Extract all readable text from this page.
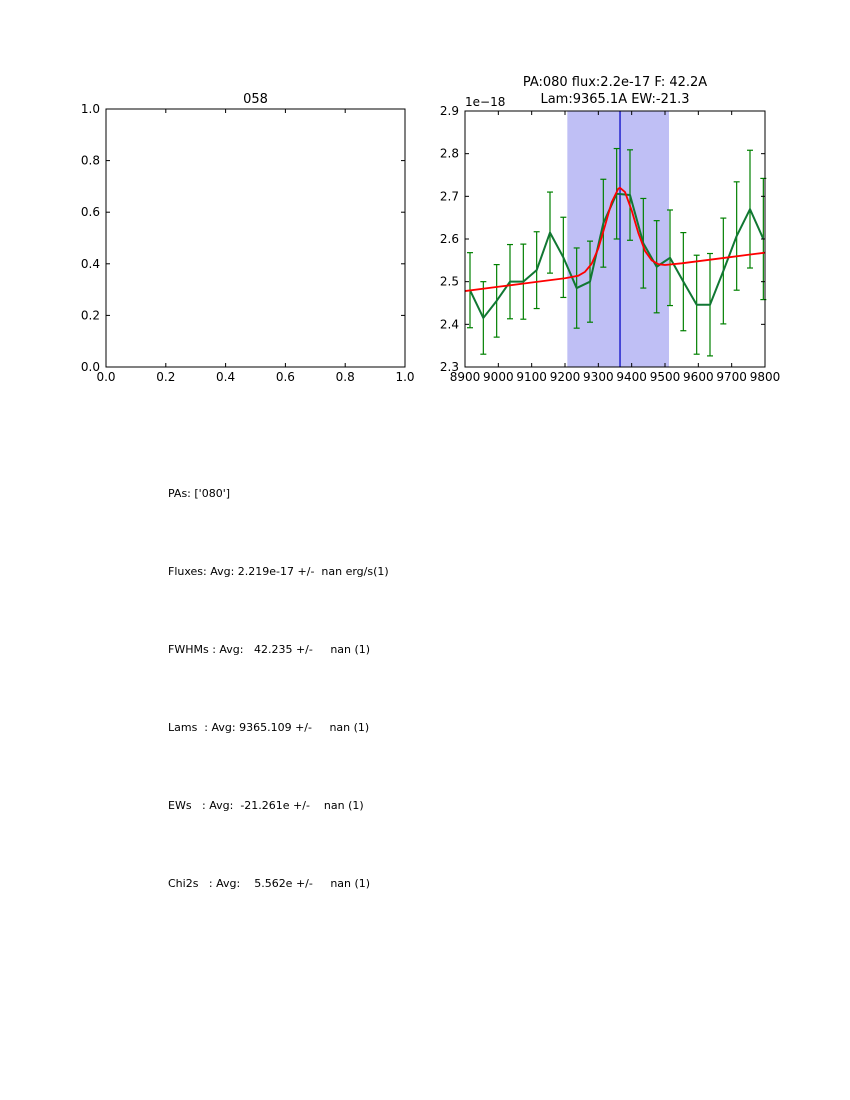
058
PA:080 flux:2.2e-17 F: 42.2A
Lam:9365.1A EW:-21.3
1e−18
0.0	0.2	0.4	0.6	0.8	1.0
0.0
0.2
0.4
0.6
0.8
1.0
8900 9000 9100 9200 9300 9400 9500 9600 9700 9800
2.3
2.4
2.5
2.6
2.7
2.8
2.9

PAs: ['080']

Fluxes: Avg: 2.219e-17 +/-  nan erg/s(1)

FWHMs : Avg:   42.235 +/-     nan (1)

Lams  : Avg: 9365.109 +/-     nan (1)

EWs   : Avg:  -21.261e +/-    nan (1)

Chi2s   : Avg:    5.562e +/-     nan (1)
